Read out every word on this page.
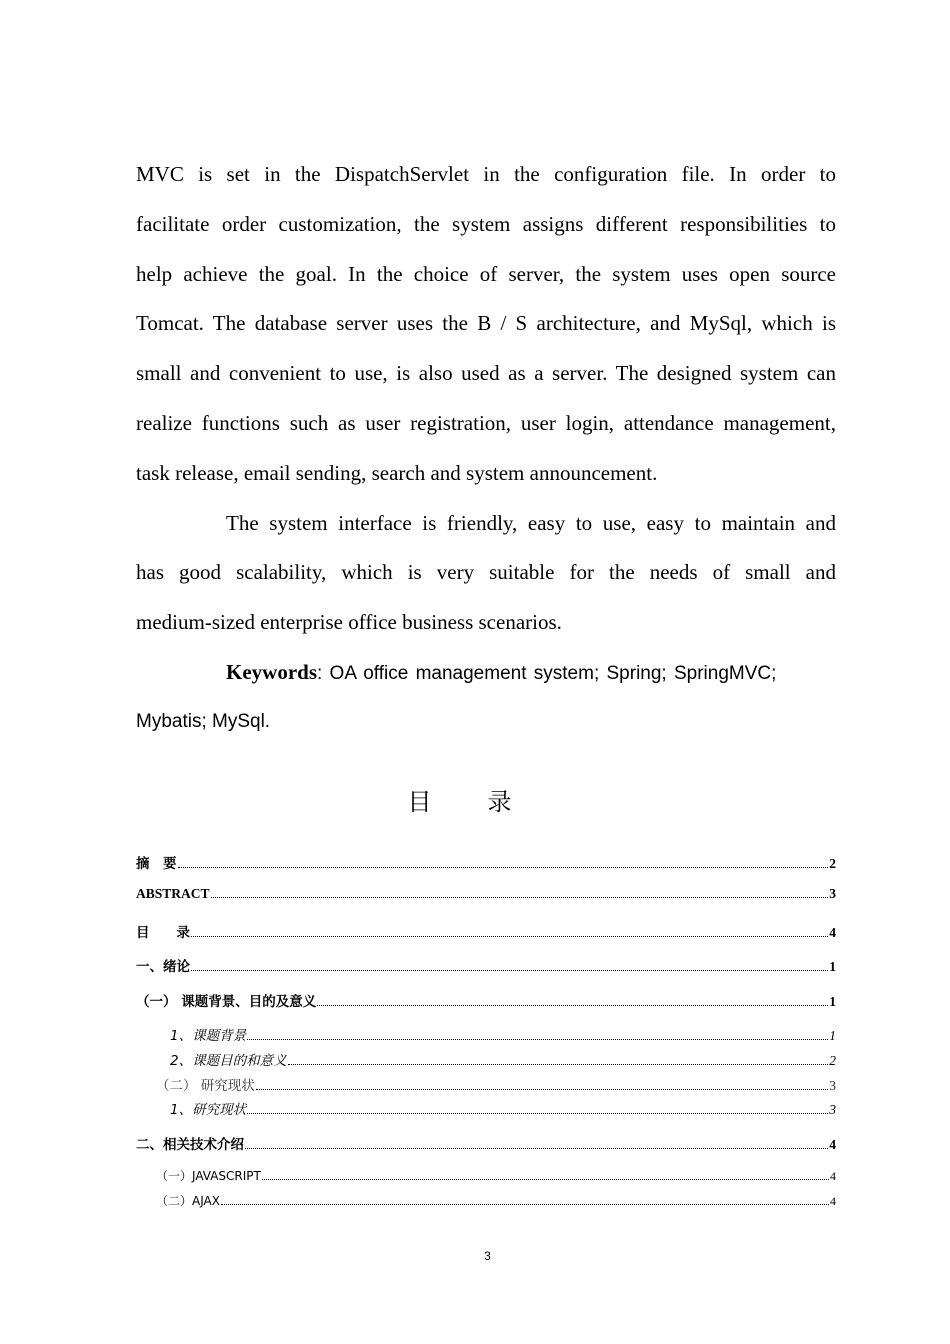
MVC is set in the DispatchServlet in the configuration file. In order to
facilitate order customization, the system assigns different responsibilities to
help achieve the goal. In the choice of server, the system uses open source
Tomcat. The database server uses the B / S architecture, and MySql, which is
small and convenient to use, is also used as a server. The designed system can
realize functions such as user registration, user login, attendance management,
task release, email sending, search and system announcement.
The system interface is friendly, easy to use, easy to maintain and
has good scalability, which is very suitable for the needs of small and
medium-sized enterprise office business scenarios.
Keywords: OA office management system; Spring; SpringMVC;
Mybatis; MySql.
目录
摘　要	2
ABSTRACT	3
目　　录	4
一、绪论	1
（一） 课题背景、目的及意义	1
1、课题背景	1
2、课题目的和意义	2
（二） 研究现状	3
1、研究现状	3
二、相关技术介绍	4
（一）JAVASCRIPT	4
（二）AJAX	4
3
